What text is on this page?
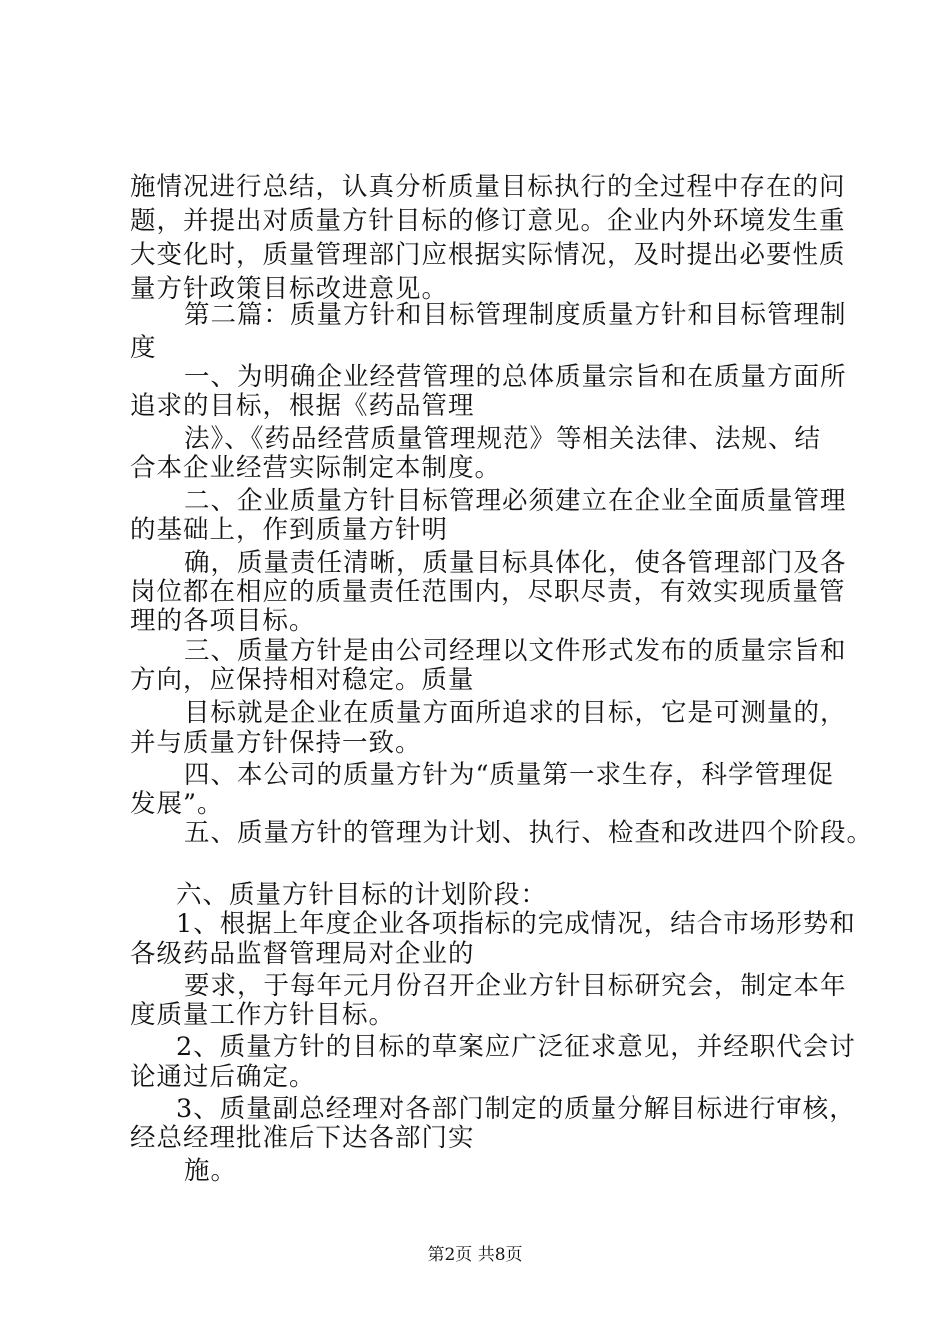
施情况进行总结，认真分析质量目标执行的全过程中存在的问
题，并提出对质量方针目标的修订意见。企业内外环境发生重
大变化时，质量管理部门应根据实际情况，及时提出必要性质
量方针政策目标改进意见。
第二篇：质量方针和目标管理制度质量方针和目标管理制
度
一、为明确企业经营管理的总体质量宗旨和在质量方面所
追求的目标，根据《药品管理
法》、《药品经营质量管理规范》等相关法律、法规、结
合本企业经营实际制定本制度。
二、企业质量方针目标管理必须建立在企业全面质量管理
的基础上，作到质量方针明
确，质量责任清晰，质量目标具体化，使各管理部门及各
岗位都在相应的质量责任范围内，尽职尽责，有效实现质量管
理的各项目标。
三、质量方针是由公司经理以文件形式发布的质量宗旨和
方向，应保持相对稳定。质量
目标就是企业在质量方面所追求的目标，它是可测量的，
并与质量方针保持一致。
四、本公司的质量方针为“质量第一求生存，科学管理促
发展”。
五、质量方针的管理为计划、执行、检查和改进四个阶段。
六、质量方针目标的计划阶段：
1、根据上年度企业各项指标的完成情况，结合市场形势和
各级药品监督管理局对企业的
要求，于每年元月份召开企业方针目标研究会，制定本年
度质量工作方针目标。
2、质量方针的目标的草案应广泛征求意见，并经职代会讨
论通过后确定。
3、质量副总经理对各部门制定的质量分解目标进行审核，
经总经理批准后下达各部门实
施。
第2页 共8页
